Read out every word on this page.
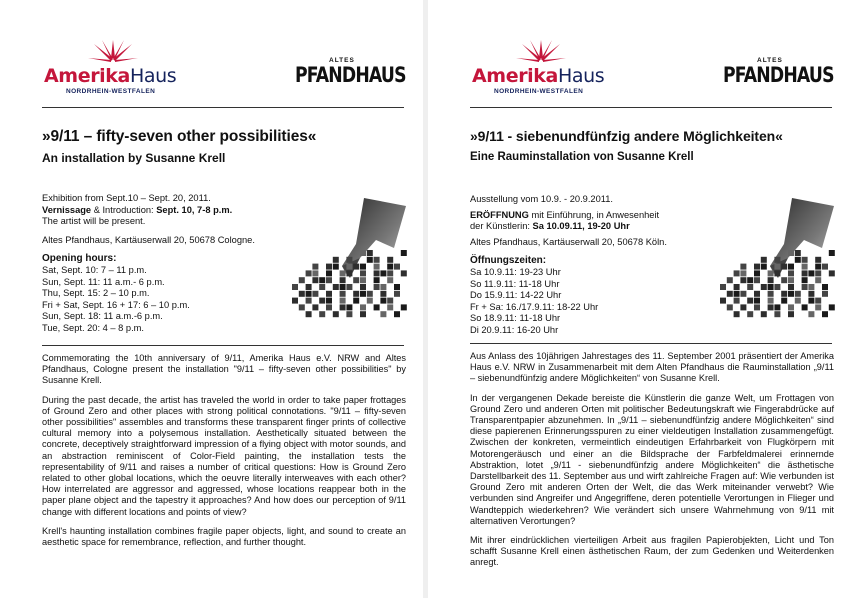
AmerikaHaus
NORDRHEIN-WESTFALEN
ALTES
PFANDHAUS
»9/11 – fifty-seven other possibilities«
An installation by Susanne Krell

Exhibition from Sept.10 – Sept. 20, 2011.

Vernissage & Introduction: Sept. 10, 7-8 p.m.

The artist will be present.

Altes Pfandhaus, Kartäuserwall 20, 50678 Cologne.

Opening hours:

Sat, Sept. 10: 7 – 11 p.m.

Sun, Sept. 11: 11 a.m.- 6 p.m.

Thu, Sept. 15: 2 – 10 p.m.

Fri + Sat, Sept. 16 + 17: 6 – 10 p.m.

Sun, Sept. 18: 11 a.m.-6 p.m.

Tue, Sept. 20: 4 – 8 p.m.

Commemorating the 10th anniversary of 9/11, Amerika Haus e.V. NRW and Altes Pfandhaus, Cologne present the installation "9/11 – fifty-seven other possibilities" by Susanne Krell.

During the past decade, the artist has traveled the world in order to take paper frottages of Ground Zero and other places with strong political connotations. "9/11 – fifty-seven other possibilities" assembles and transforms these transparent finger prints of collective cultural memory into a polysemous installation. Aesthetically situated between the concrete, deceptively straightforward impression of a flying object with motor sounds, and an abstraction reminiscent of Color-Field painting, the installation tests the representability of 9/11 and raises a number of critical questions: How is Ground Zero related to other global locations, which the oeuvre literally interweaves with each other? How interrelated are aggressor and aggressed, whose locations reappear both in the paper plane object and the tapestry it approaches? And how does our perception of 9/11 change with different locations and points of view?

Krell's haunting installation combines fragile paper objects, light, and sound to create an aesthetic space for remembrance, reflection, and further thought.

AmerikaHaus
NORDRHEIN-WESTFALEN
ALTES
PFANDHAUS
»9/11 - siebenundfünfzig andere Möglichkeiten«
Eine Rauminstallation von Susanne Krell

Ausstellung vom 10.9. - 20.9.2011.

ERÖFFNUNG mit Einführung, in Anwesenheit

der Künstlerin: Sa 10.09.11, 19-20 Uhr

Altes Pfandhaus, Kartäuserwall 20, 50678 Köln.

Öffnungszeiten:

Sa 10.9.11: 19-23 Uhr

So 11.9.11: 11-18 Uhr

Do 15.9.11: 14-22 Uhr

Fr + Sa: 16./17.9.11: 18-22 Uhr

So 18.9.11: 11-18 Uhr

Di 20.9.11: 16-20 Uhr

Aus Anlass des 10jährigen Jahrestages des 11. September 2001 präsentiert der Amerika Haus e.V. NRW in Zusammenarbeit mit dem Alten Pfandhaus die Rauminstallation „9/11 – siebenundfünfzig andere Möglichkeiten“ von Susanne Krell.

In der vergangenen Dekade bereiste die Künstlerin die ganze Welt, um Frottagen von Ground Zero und anderen Orten mit politischer Bedeutungskraft wie Fingerabdrücke auf Transparentpapier abzunehmen. In „9/11 – siebenundfünfzig andere Möglichkeiten“ sind diese papierenen Erinnerungsspuren zu einer vieldeutigen Installation zusammengefügt. Zwischen der konkreten, vermeintlich eindeutigen Erfahrbarkeit von Flugkörpern mit Motorengeräusch und einer an die Bildsprache der Farbfeldmalerei erinnernde Abstraktion, lotet „9/11 - siebenundfünfzig andere Möglichkeiten“ die ästhetische Darstellbarkeit des 11. September aus und wirft zahlreiche Fragen auf: Wie verbunden ist Ground Zero mit anderen Orten der Welt, die das Werk miteinander verwebt? Wie verbunden sind Angreifer und Angegriffene, deren potentielle Verortungen in Flieger und Wandteppich wiederkehren? Wie verändert sich unsere Wahrnehmung von 9/11 mit alternativen Verortungen?

Mit ihrer eindrücklichen vierteiligen Arbeit aus fragilen Papierobjekten, Licht und Ton schafft Susanne Krell einen ästhetischen Raum, der zum Gedenken und Weiterdenken anregt.
